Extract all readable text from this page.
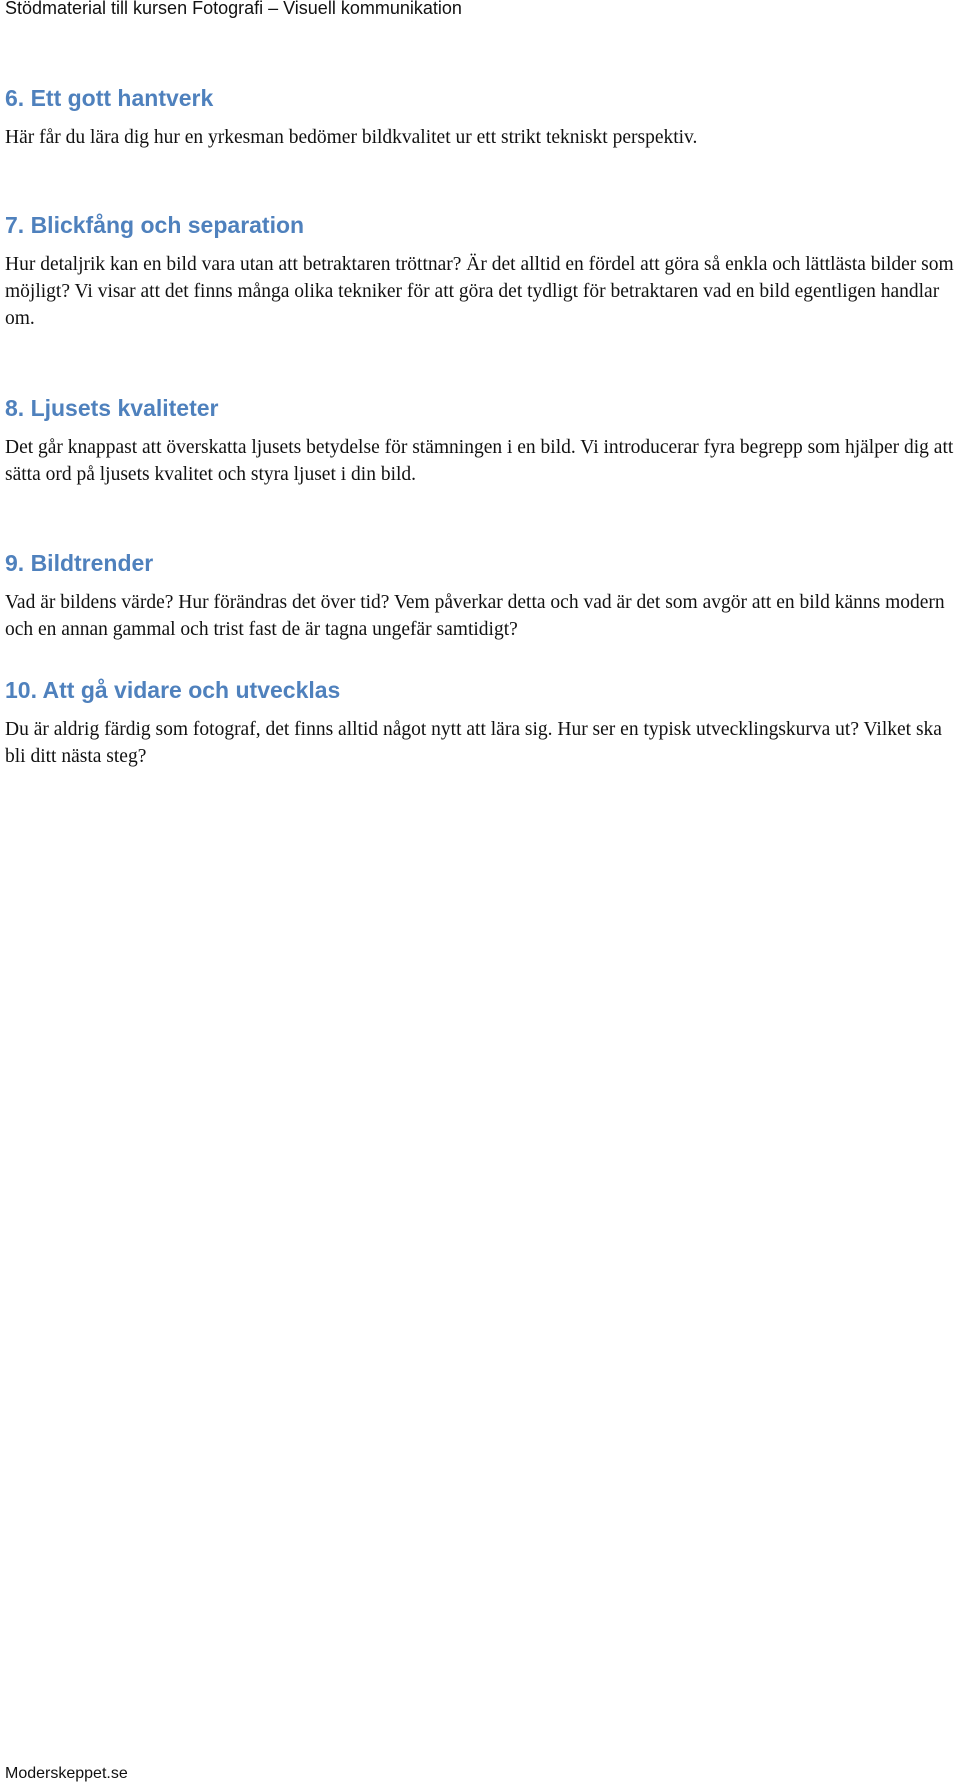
Stödmaterial till kursen Fotografi – Visuell kommunikation
6. Ett gott hantverk

Här får du lära dig hur en yrkesman bedömer bildkvalitet ur ett strikt tekniskt perspektiv.

7. Blickfång och separation

Hur detaljrik kan en bild vara utan att betraktaren tröttnar? Är det alltid en fördel att göra så enkla och lättlästa bilder som möjligt? Vi visar att det finns många olika tekniker för att göra det tydligt för betraktaren vad en bild egentligen handlar om.

8. Ljusets kvaliteter

Det går knappast att överskatta ljusets betydelse för stämningen i en bild. Vi introducerar fyra begrepp som hjälper dig att sätta ord på ljusets kvalitet och styra ljuset i din bild.

9. Bildtrender

Vad är bildens värde? Hur förändras det över tid? Vem påverkar detta och vad är det som avgör att en bild känns modern och en annan gammal och trist fast de är tagna ungefär samtidigt?

10. Att gå vidare och utvecklas

Du är aldrig färdig som fotograf, det finns alltid något nytt att lära sig. Hur ser en typisk utvecklingskurva ut? Vilket ska bli ditt nästa steg?

Moderskeppet.se
